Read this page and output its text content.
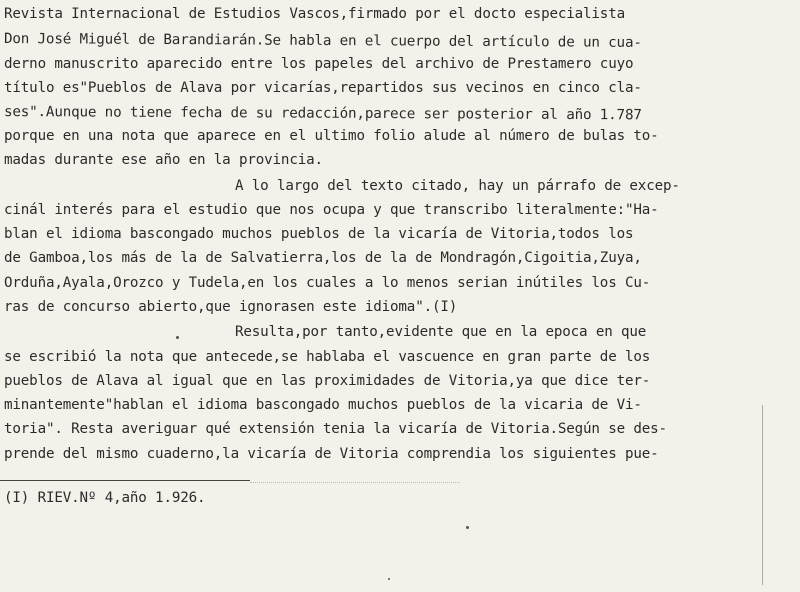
Revista Internacional de Estudios Vascos,firmado por el docto especialista
Don José Miguél de Barandiarán.Se habla en el cuerpo del artículo de un cua-
derno manuscrito aparecido entre los papeles del archivo de Prestamero cuyo
título es"Pueblos de Alava por vicarías,repartidos sus vecinos en cinco cla-
ses".Aunque no tiene fecha de su redacción,parece ser posterior al año 1.787
porque en una nota que aparece en el ultimo folio alude al número de bulas to-
madas durante ese año en la provincia.
A lo largo del texto citado, hay un párrafo de excep-
cinál interés para el estudio que nos ocupa y que transcribo literalmente:"Ha-
blan el idioma bascongado muchos pueblos de la vicaría de Vitoria,todos los
de Gamboa,los más de la de Salvatierra,los de la de Mondragón,Cigoitia,Zuya,
Orduña,Ayala,Orozco y Tudela,en los cuales a lo menos serian inútiles los Cu-
ras de concurso abierto,que ignorasen este idioma".(I)
Resulta,por tanto,evidente que en la epoca en que
se escribió la nota que antecede,se hablaba el vascuence en gran parte de los
pueblos de Alava al igual que en las proximidades de Vitoria,ya que dice ter-
minantemente"hablan el idioma bascongado muchos pueblos de la vicaria de Vi-
toria". Resta averiguar qué extensión tenia la vicaría de Vitoria.Según se des-
prende del mismo cuaderno,la vicaría de Vitoria comprendia los siguientes pue-
(I) RIEV.Nº 4,año 1.926.
